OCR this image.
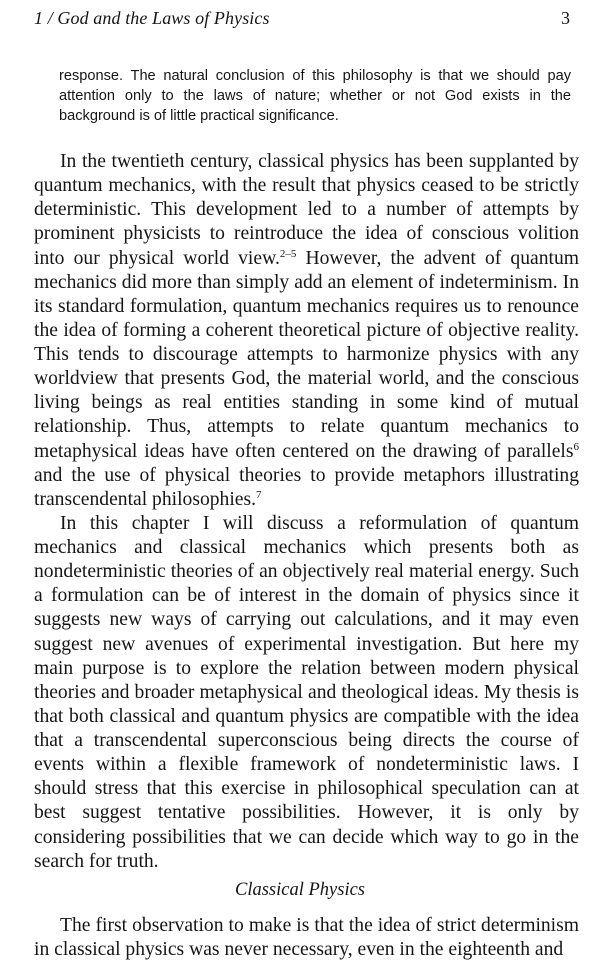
1 / God and the Laws of Physics	3
response. The natural conclusion of this philosophy is that we should pay attention only to the laws of nature; whether or not God exists in the background is of little practical significance.

In the twentieth century, classical physics has been supplanted by quantum mechanics, with the result that physics ceased to be strictly deterministic. This development led to a number of attempts by prominent physicists to reintroduce the idea of conscious volition into our physical world view.$^{2-5}$ However, the advent of quantum mechanics did more than simply add an element of indeterminism. In its standard formulation, quantum mechanics requires us to renounce the idea of forming a coherent theoretical picture of objective reality. This tends to discourage attempts to harmonize physics with any worldview that presents God, the material world, and the conscious living beings as real entities standing in some kind of mutual relationship. Thus, attempts to relate quantum mechanics to metaphysical ideas have often centered on the drawing of parallels$^6$ and the use of physical theories to provide metaphors illustrating transcendental philosophies.$^7$

In this chapter I will discuss a reformulation of quantum mechanics and classical mechanics which presents both as nondeterministic theories of an objectively real material energy. Such a formulation can be of interest in the domain of physics since it suggests new ways of carrying out calculations, and it may even suggest new avenues of experimental investigation. But here my main purpose is to explore the relation between modern physical theories and broader metaphysical and theological ideas. My thesis is that both classical and quantum physics are compatible with the idea that a transcendental superconscious being directs the course of events within a flexible framework of nondeterministic laws. I should stress that this exercise in philosophical speculation can at best suggest tentative possibilities. However, it is only by considering possibilities that we can decide which way to go in the search for truth.

Classical Physics

The first observation to make is that the idea of strict determinism in classical physics was never necessary, even in the eighteenth and
